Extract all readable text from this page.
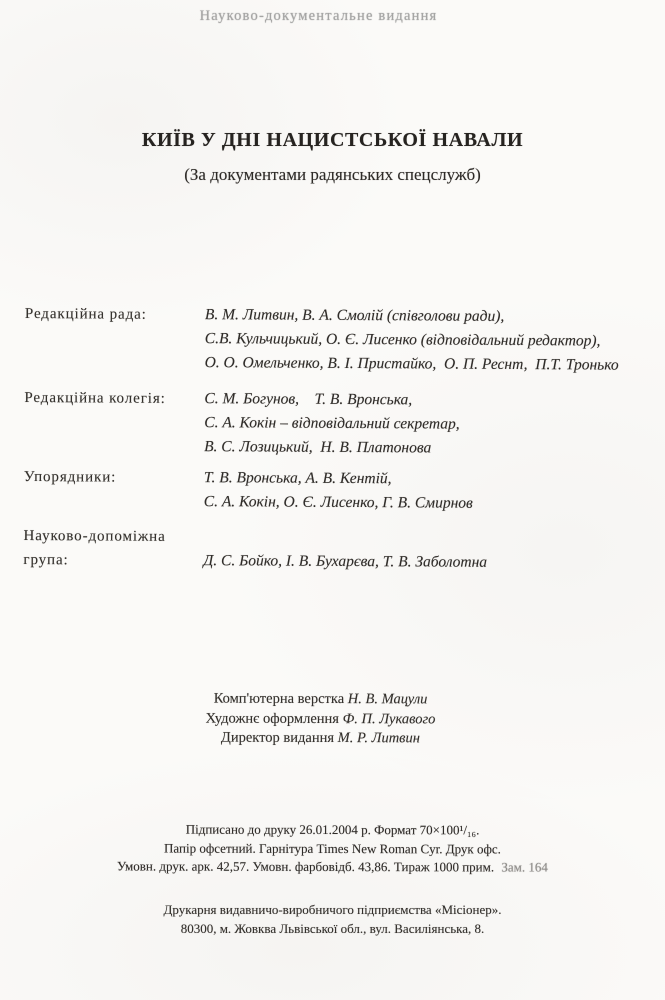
Науково-документальне видання
КИЇВ У ДНІ НАЦИСТСЬКОЇ НАВАЛИ
(За документами радянських спецслужб)
Редакційна рада:	В. М. Литвин, В. А. Смолій (співголови ради),
С.В. Кульчицький, О. Є. Лисенко (відповідальний редактор),
О. О. Омельченко, В. І. Пристайко,  О. П. Реснт,  П.Т. Тронько
Редакційна колегія:	С. М. Богунов,    Т. В. Вронська,
С. А. Кокін – відповідальний секретар,
В. С. Лозицький,  Н. В. Платонова
Упорядники:	Т. В. Вронська, А. В. Кентій,
С. А. Кокін, О. Є. Лисенко, Г. В. Смирнов
Науково-допоміжна група:	Д. С. Бойко, І. В. Бухарєва, Т. В. Заболотна
Комп'ютерна верстка Н. В. Мацули
Художнє оформлення Ф. П. Лукавого
Директор видання М. Р. Литвин
Підписано до друку 26.01.2004 р. Формат 70×100¹/₁₆.
Папір офсетний. Гарнітура Times New Roman Cyr. Друк офс.
Умовн. друк. арк. 42,57. Умовн. фарбовідб. 43,86. Тираж 1000 прим. Зам. 164
Друкарня видавничо-виробничого підприємства «Місіонер».
80300, м. Жовква Львівської обл., вул. Василіянська, 8.
